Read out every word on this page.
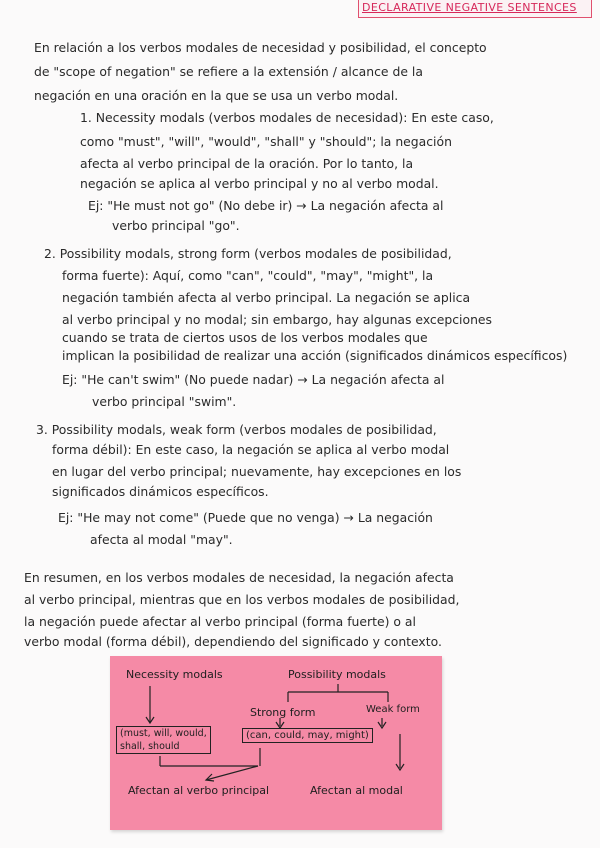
DECLARATIVE NEGATIVE SENTENCES
En relación a los verbos modales de necesidad y posibilidad, el concepto
de "scope of negation" se refiere a la extensión / alcance de la
negación en una oración en la que se usa un verbo modal.
1. Necessity modals (verbos modales de necesidad): En este caso,
como "must", "will", "would", "shall" y "should"; la negación
afecta al verbo principal de la oración. Por lo tanto, la
negación se aplica al verbo principal y no al verbo modal.
Ej: "He must not go" (No debe ir) → La negación afecta al
verbo principal "go".
2. Possibility modals, strong form (verbos modales de posibilidad,
forma fuerte): Aquí, como "can", "could", "may", "might", la
negación también afecta al verbo principal. La negación se aplica
al verbo principal y no modal; sin embargo, hay algunas excepciones
cuando se trata de ciertos usos de los verbos modales que
implican la posibilidad de realizar una acción (significados dinámicos específicos)
Ej: "He can't swim" (No puede nadar) → La negación afecta al
verbo principal "swim".
3. Possibility modals, weak form (verbos modales de posibilidad,
forma débil): En este caso, la negación se aplica al verbo modal
en lugar del verbo principal; nuevamente, hay excepciones en los
significados dinámicos específicos.
Ej: "He may not come" (Puede que no venga) → La negación
afecta al modal "may".
En resumen, en los verbos modales de necesidad, la negación afecta
al verbo principal, mientras que en los verbos modales de posibilidad,
la negación puede afectar al verbo principal (forma fuerte) o al
verbo modal (forma débil), dependiendo del significado y contexto.
Necessity modals	Possibility modals
Strong form	Weak form
(must, will, would,
shall, should
(can, could, may, might)
Afectan al verbo principal	Afectan al modal
